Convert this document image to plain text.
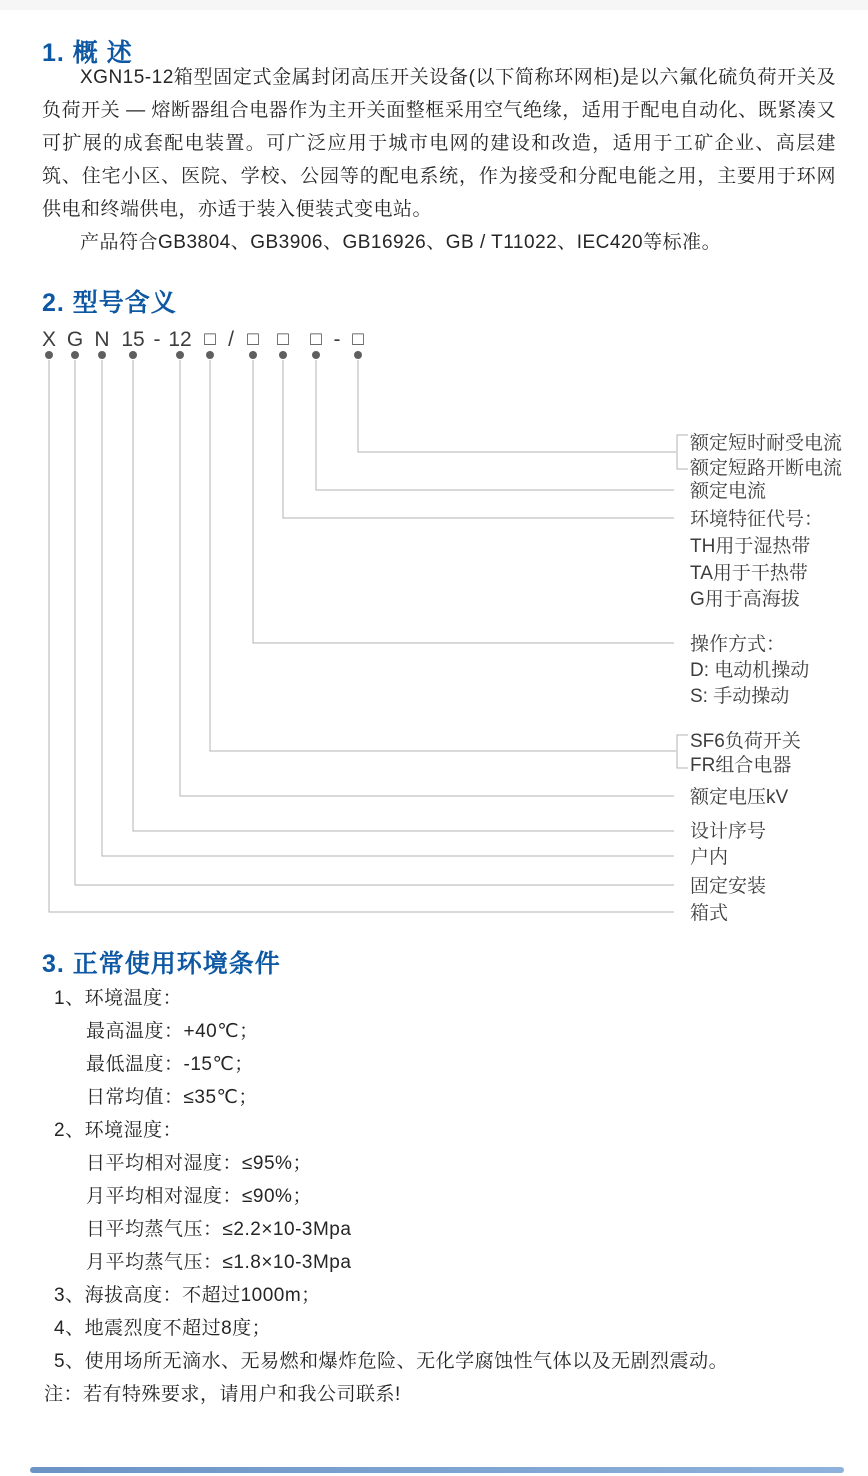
1. 概 述
XGN15-12箱型固定式金属封闭高压开关设备(以下简称环网柜)是以六氟化硫负荷开关及负荷开关 — 熔断器组合电器作为主开关面整框采用空气绝缘，适用于配电自动化、既紧凑又可扩展的成套配电装置。可广泛应用于城市电网的建设和改造，适用于工矿企业、高层建筑、住宅小区、医院、学校、公园等的配电系统，作为接受和分配电能之用，主要用于环网供电和终端供电，亦适于装入便装式变电站。
产品符合GB3804、GB3906、GB16926、GB / T11022、IEC420等标准。
2. 型号含义
X G N 15 - 12 □ / □ □ □ - □
额定短时耐受电流
额定短路开断电流
额定电流
环境特征代号：
TH用于湿热带
TA用于干热带
G用于高海拔
操作方式：
D: 电动机操动
S: 手动操动
SF6负荷开关
FR组合电器
额定电压kV
设计序号
户内
固定安装
箱式
3. 正常使用环境条件
1、环境温度：
最高温度：+40℃；
最低温度：-15℃；
日常均值：≤35℃；
2、环境湿度：
日平均相对湿度：≤95%；
月平均相对湿度：≤90%；
日平均蒸气压：≤2.2×10-3Mpa
月平均蒸气压：≤1.8×10-3Mpa
3、海拔高度：不超过1000m；
4、地震烈度不超过8度；
5、使用场所无滴水、无易燃和爆炸危险、无化学腐蚀性气体以及无剧烈震动。
注：若有特殊要求，请用户和我公司联系!
